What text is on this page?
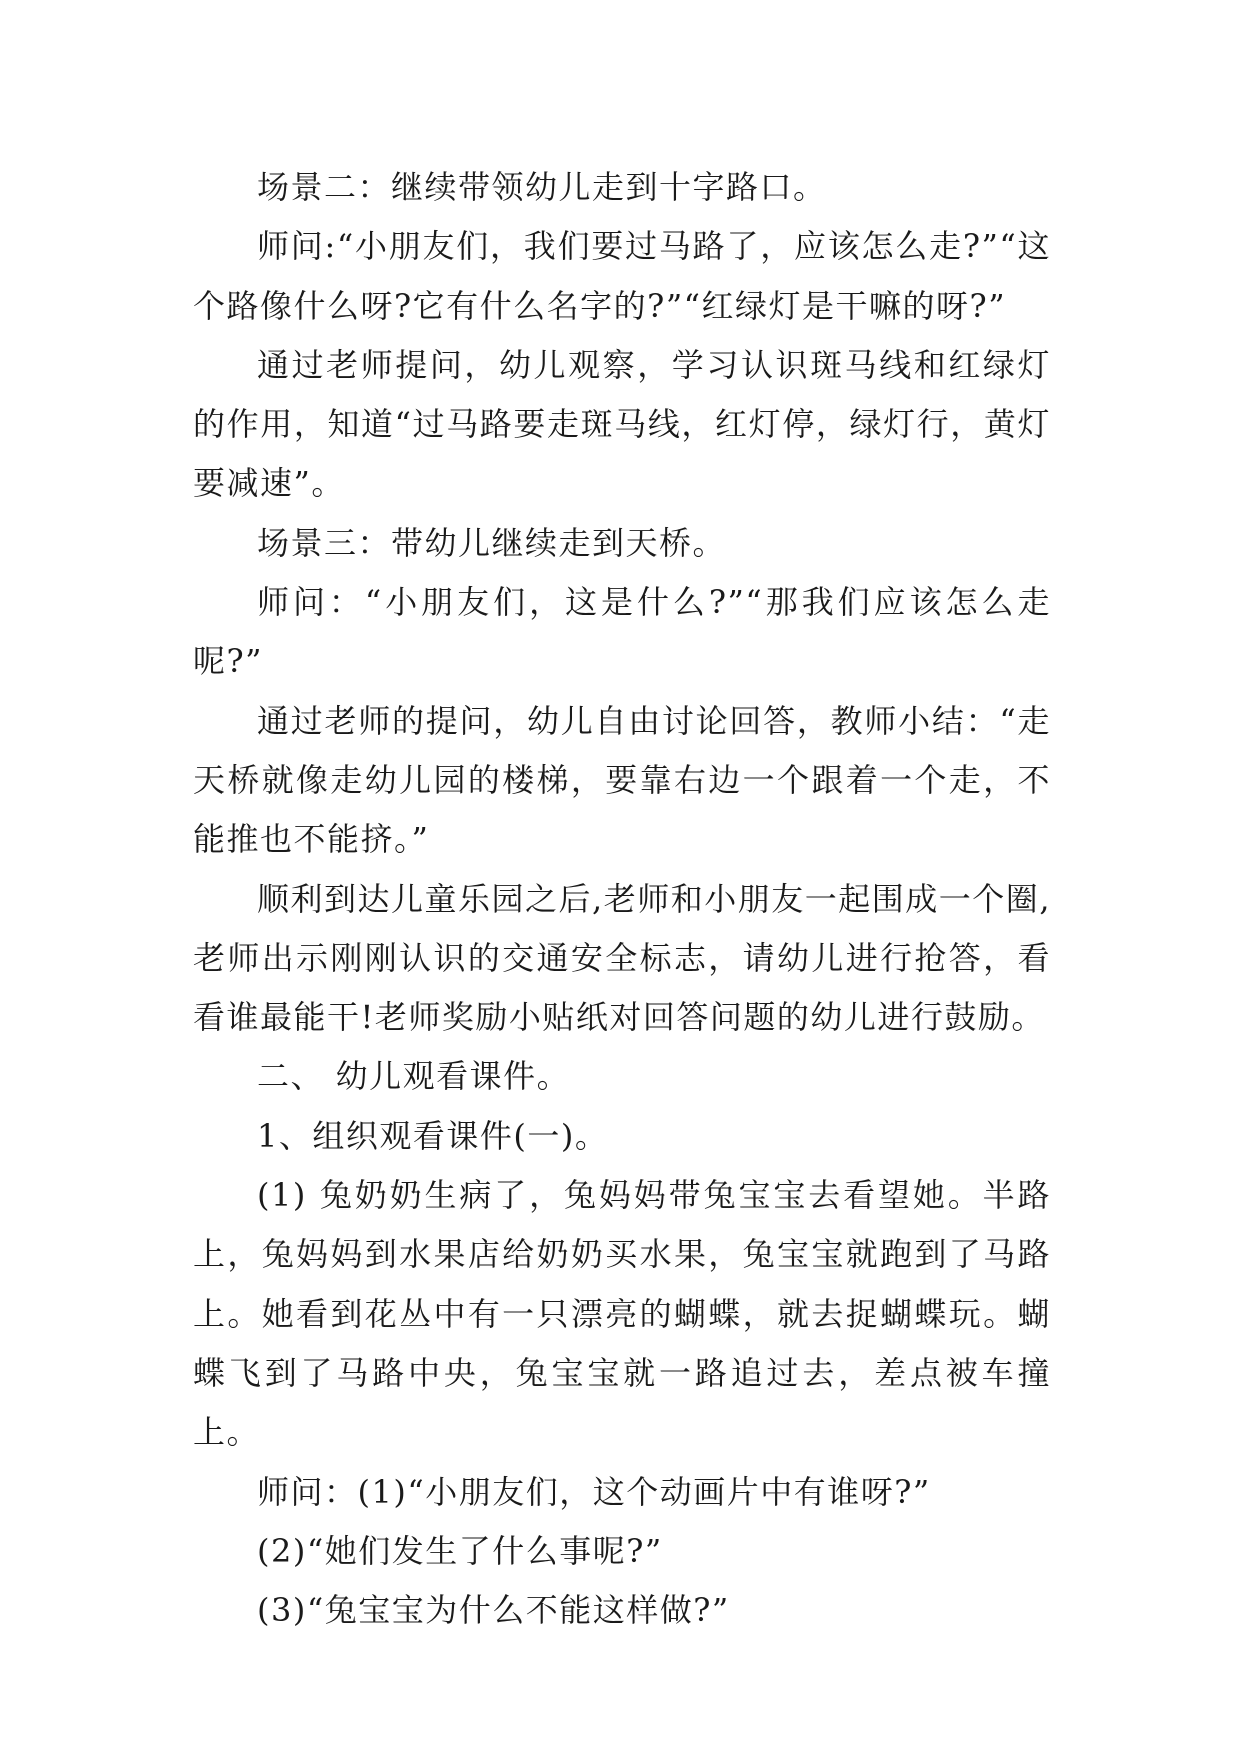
场景二：继续带领幼儿走到十字路口。

师问:“小朋友们，我们要过马路了，应该怎么走?”“这个路像什么呀?它有什么名字的?”“红绿灯是干嘛的呀?”

通过老师提问，幼儿观察，学习认识斑马线和红绿灯的作用，知道“过马路要走斑马线，红灯停，绿灯行，黄灯要减速”。

场景三：带幼儿继续走到天桥。

师问：“小朋友们，这是什么?”“那我们应该怎么走呢?”

通过老师的提问，幼儿自由讨论回答，教师小结：“走天桥就像走幼儿园的楼梯，要靠右边一个跟着一个走，不能推也不能挤。”

顺利到达儿童乐园之后,老师和小朋友一起围成一个圈,老师出示刚刚认识的交通安全标志，请幼儿进行抢答，看看谁最能干!老师奖励小贴纸对回答问题的幼儿进行鼓励。

二、 幼儿观看课件。

1、组织观看课件(一)。

(1) 兔奶奶生病了，兔妈妈带兔宝宝去看望她。半路上，兔妈妈到水果店给奶奶买水果，兔宝宝就跑到了马路上。她看到花丛中有一只漂亮的蝴蝶，就去捉蝴蝶玩。蝴蝶飞到了马路中央，兔宝宝就一路追过去，差点被车撞上。

师问：(1)“小朋友们，这个动画片中有谁呀?”

(2)“她们发生了什么事呢?”

(3)“兔宝宝为什么不能这样做?”
